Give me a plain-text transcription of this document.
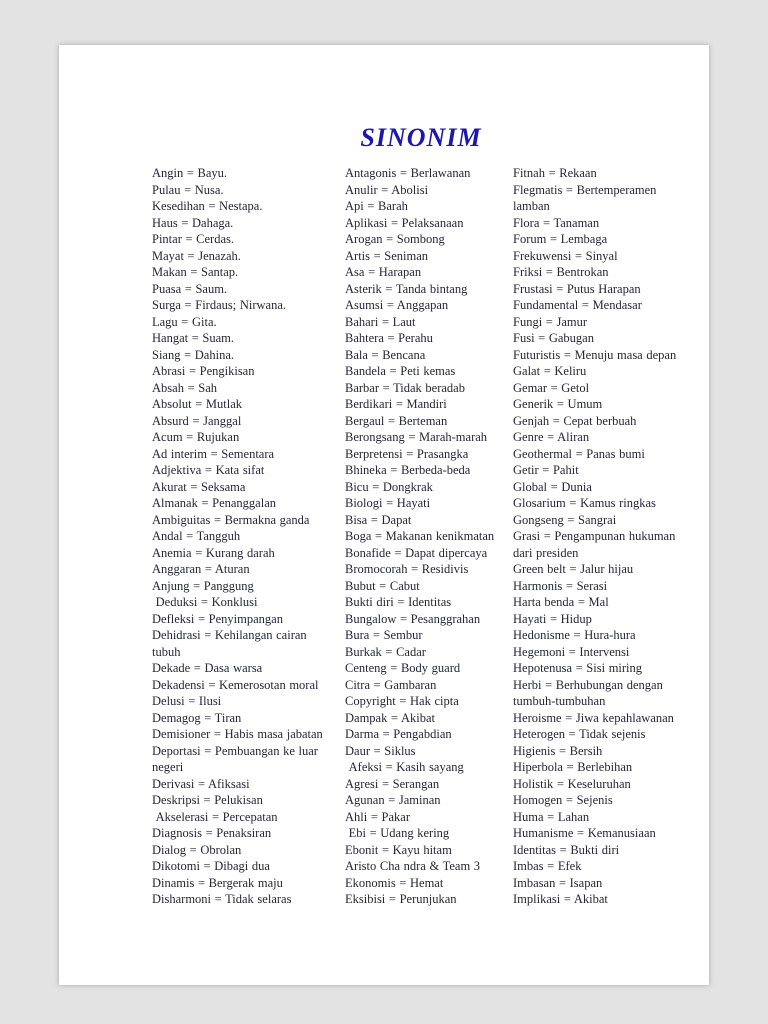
SINONIM

Angin = Bayu.

Pulau = Nusa.

Kesedihan = Nestapa.

Haus = Dahaga.

Pintar = Cerdas.

Mayat = Jenazah.

Makan = Santap.

Puasa = Saum.

Surga = Firdaus; Nirwana.

Lagu = Gita.

Hangat = Suam.

Siang = Dahina.

Abrasi = Pengikisan

Absah = Sah

Absolut = Mutlak

Absurd = Janggal

Acum = Rujukan

Ad interim = Sementara

Adjektiva = Kata sifat

Akurat = Seksama

Almanak = Penanggalan

Ambiguitas = Bermakna ganda

Andal = Tangguh

Anemia = Kurang darah

Anggaran = Aturan

Anjung = Panggung

Deduksi = Konklusi

Defleksi = Penyimpangan

Dehidrasi = Kehilangan cairan tubuh

Dekade = Dasa warsa

Dekadensi = Kemerosotan moral

Delusi = Ilusi

Demagog = Tiran

Demisioner = Habis masa jabatan

Deportasi = Pembuangan ke luar negeri

Derivasi = Afiksasi

Deskripsi = Pelukisan

Akselerasi = Percepatan

Diagnosis = Penaksiran

Dialog = Obrolan

Dikotomi = Dibagi dua

Dinamis = Bergerak maju

Disharmoni = Tidak selaras

Antagonis = Berlawanan

Anulir = Abolisi

Api = Barah

Aplikasi = Pelaksanaan

Arogan = Sombong

Artis = Seniman

Asa = Harapan

Asterik = Tanda bintang

Asumsi = Anggapan

Bahari = Laut

Bahtera = Perahu

Bala = Bencana

Bandela = Peti kemas

Barbar = Tidak beradab

Berdikari = Mandiri

Bergaul = Berteman

Berongsang = Marah-marah

Berpretensi = Prasangka

Bhineka = Berbeda-beda

Bicu = Dongkrak

Biologi = Hayati

Bisa = Dapat

Boga = Makanan kenikmatan

Bonafide = Dapat dipercaya

Bromocorah = Residivis

Bubut = Cabut

Bukti diri = Identitas

Bungalow = Pesanggrahan

Bura = Sembur

Burkak = Cadar

Centeng = Body guard

Citra = Gambaran

Copyright = Hak cipta

Dampak = Akibat

Darma = Pengabdian

Daur = Siklus

Afeksi = Kasih sayang

Agresi = Serangan

Agunan = Jaminan

Ahli = Pakar

Ebi = Udang kering

Ebonit = Kayu hitam

Aristo Cha ndra & Team 3

Ekonomis = Hemat

Eksibisi = Perunjukan

Fitnah = Rekaan

Flegmatis = Bertemperamen lamban

Flora = Tanaman

Forum = Lembaga

Frekuwensi = Sinyal

Friksi = Bentrokan

Frustasi = Putus Harapan

Fundamental = Mendasar

Fungi = Jamur

Fusi = Gabugan

Futuristis = Menuju masa depan

Galat = Keliru

Gemar = Getol

Generik = Umum

Genjah = Cepat berbuah

Genre = Aliran

Geothermal = Panas bumi

Getir = Pahit

Global = Dunia

Glosarium = Kamus ringkas

Gongseng = Sangrai

Grasi = Pengampunan hukuman dari presiden

Green belt = Jalur hijau

Harmonis = Serasi

Harta benda = Mal

Hayati = Hidup

Hedonisme = Hura-hura

Hegemoni = Intervensi

Hepotenusa = Sisi miring

Herbi = Berhubungan dengan tumbuh-tumbuhan

Heroisme = Jiwa kepahlawanan

Heterogen = Tidak sejenis

Higienis = Bersih

Hiperbola = Berlebihan

Holistik = Keseluruhan

Homogen = Sejenis

Huma = Lahan

Humanisme = Kemanusiaan

Identitas = Bukti diri

Imbas = Efek

Imbasan = Isapan

Implikasi = Akibat
